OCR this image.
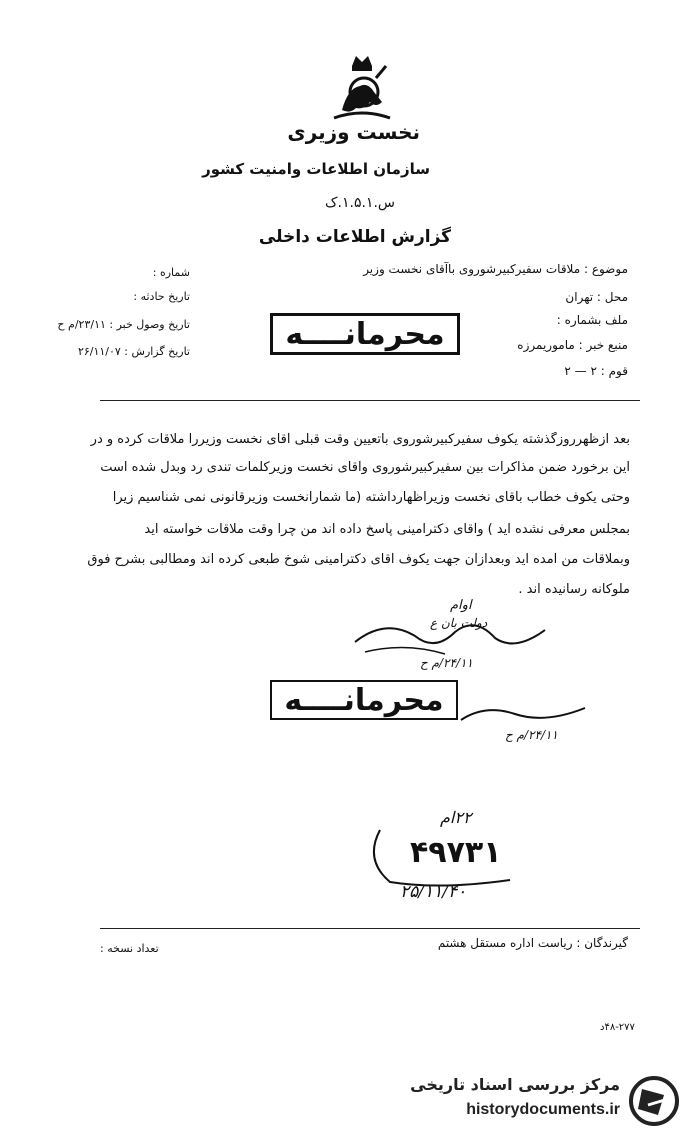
نخست وزیری
سازمان اطلاعات وامنیت کشور
س.۱.۵.۱.ک
گزارش اطلاعات داخلی
موضوع : ملاقات سفیرکبیرشوروی باآقای نخست وزیر
محل : تهران
ملف بشماره :
منبع خبر : ماموریمرزه
قوم : ۲ — ۲
شماره :
تاریخ حادثه :
تاریخ وصول خبر : ۲۳/۱۱/م ح
تاریخ گزارش : ۲۶/۱۱/۰۷	محرمانــــه
بعد ازظهرروزگذشته یکوف سفیرکبیرشوروی باتعیین وقت قبلی آقای نخست وزیررا ملاقات کرده و در
این برخورد ضمن مذاکرات بین سفیرکبیرشوروی وآقای نخست وزیرکلمات تندی رد وبدل شده است
وحتی یکوف خطاب بآقای نخست وزیراظهارداشته (ما شمارانخست وزیرقانونی نمی شناسیم زیرا
بمجلس معرفی نشده اید ) وآقای دکترامینی پاسخ داده اند من چرا وقت ملاقات خواسته اید
وبملاقات من آمده اید وبعدازآن جهت یکوف آقای دکترامینی شوخ طبعی کرده اند ومطالبی بشرح فوق
ملوکانه رسانیده اند .
اوام
دولت بان ع
۲۴/۱۱/م ح
محرمانــــه
۲۴/۱۱/م ح
۲۲ام
۴۹۷۳۱
۲۵/۱۱/۴۰
گیرندگان : ریاست اداره مستقل هشتم
تعداد نسخه :
۴۸-۲۷۷د
مرکز بررسی اسناد تاریخی
historydocuments.ir
